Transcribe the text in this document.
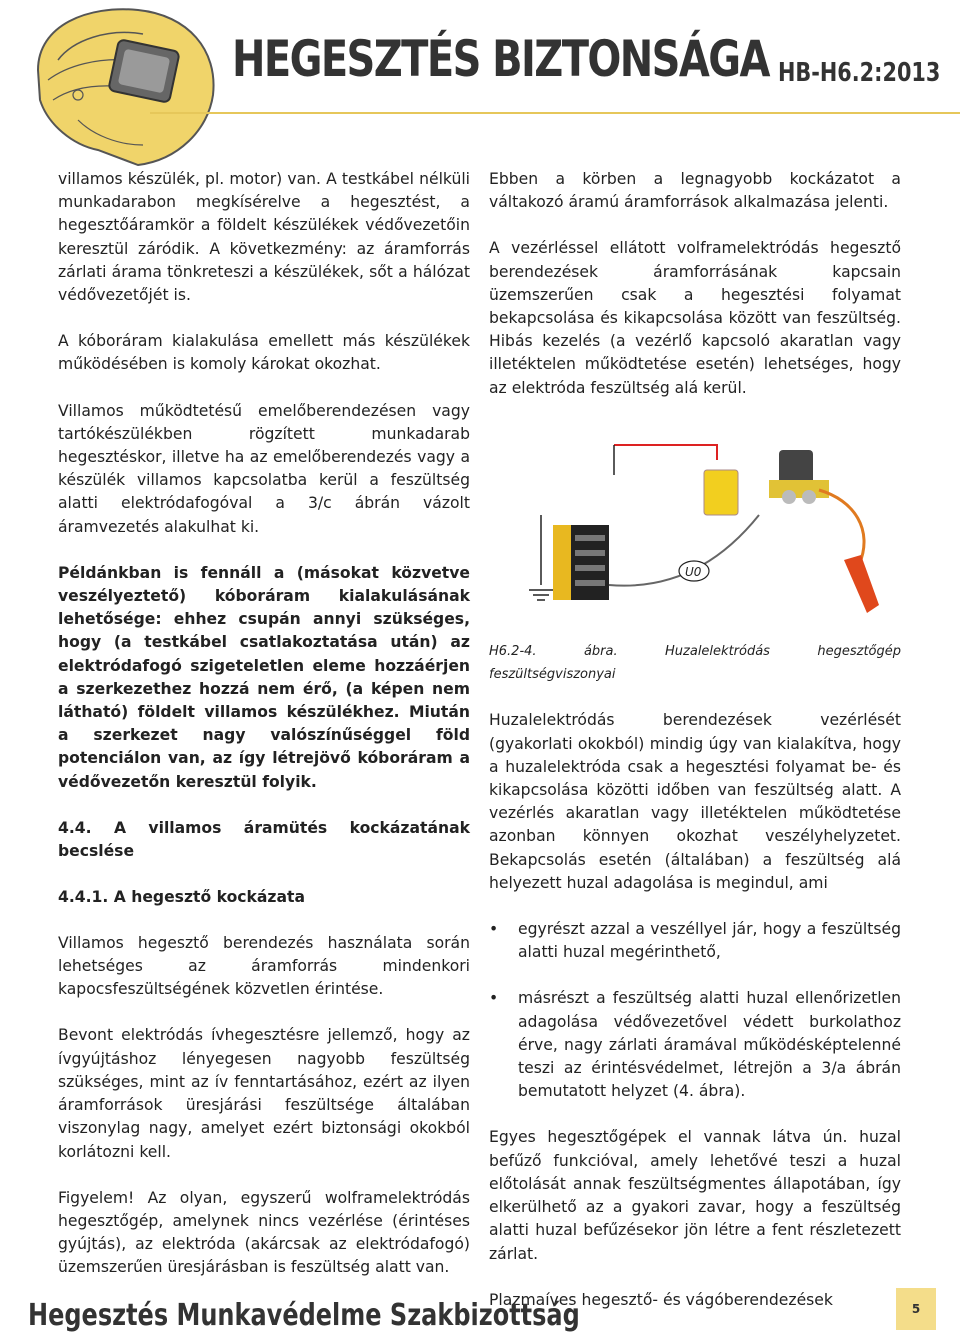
HEGESZTÉS BIZTONSÁGA HB-H6.2:2013

villamos készülék, pl. motor) van. A testkábel nélküli munkadarabon megkísérelve a hegesztést, a hegesztőáramkör a földelt készülékek védővezetőin keresztül záródik. A következmény: az áramforrás zárlati árama tönkreteszi a készülékek, sőt a hálózat védővezetőjét is.

A kóboráram kialakulása emellett más készülékek működésében is komoly károkat okozhat.

Villamos működtetésű emelőberendezésen vagy tartókészülékben rögzített munkadarab hegesztéskor, illetve ha az emelőberendezés vagy a készülék villamos kapcsolatba kerül a feszültség alatti elektródafogóval a 3/c ábrán vázolt áramvezetés alakulhat ki.

Példánkban is fennáll a (másokat közvetve veszélyeztető) kóboráram kialakulásának lehetősége: ehhez csupán annyi szükséges, hogy (a testkábel csatlakoztatása után) az elektródafogó szigeteletlen eleme hozzáérjen a szerkezethez hozzá nem érő, (a képen nem látható) földelt villamos készülékhez. Miután a szerkezet nagy valószínűséggel föld potenciálon van, az így létrejövő kóboráram a védővezetőn keresztül folyik.

4.4. A villamos áramütés kockázatának becslése
4.4.1. A hegesztő kockázata

Villamos hegesztő berendezés használata során lehetséges az áramforrás mindenkori kapocsfeszültségének közvetlen érintése.

Bevont elektródás ívhegesztésre jellemző, hogy az ívgyújtáshoz lényegesen nagyobb feszültség szükséges, mint az ív fenntartásához, ezért az ilyen áramforrások üresjárási feszültsége általában viszonylag nagy, amelyet ezért biztonsági okokból korlátozni kell.

Figyelem! Az olyan, egyszerű wolframelektródás hegesztőgép, amelynek nincs vezérlése (érintéses gyújtás), az elektróda (akárcsak az elektródafogó) üzemszerűen üresjárásban is feszültség alatt van.

Ebben a körben a legnagyobb kockázatot a váltakozó áramú áramforrások alkalmazása jelenti.

A vezérléssel ellátott volframelektródás hegesztő berendezések áramforrásának kapcsain üzemszerűen csak a hegesztési folyamat bekapcsolása és kikapcsolása között van feszültség. Hibás kezelés (a vezérlő kapcsoló akaratlan vagy illetéktelen működtetése esetén) lehetséges, hogy az elektróda feszültség alá kerül.

U0

H6.2-4. ábra. Huzalelektródás hegesztőgép feszültségviszonyai

Huzalelektródás berendezések vezérlését (gyakorlati okokból) mindig úgy van kialakítva, hogy a huzalelektróda csak a hegesztési folyamat be- és kikapcsolása közötti időben van feszültség alatt. A vezérlés akaratlan vagy illetéktelen működtetése azonban könnyen okozhat veszélyhelyzetet. Bekapcsolás esetén (általában) a feszültség alá helyezett huzal adagolása is megindul, ami

• egyrészt azzal a veszéllyel jár, hogy a feszültség alatti huzal megérinthető,
• másrészt a feszültség alatti huzal ellenőrizetlen adagolása védővezetővel védett burkolathoz érve, nagy zárlati áramával működésképtelenné teszi az érintésvédelmet, létrejön a 3/a ábrán bemutatott helyzet (4. ábra).

Egyes hegesztőgépek el vannak látva ún. huzal befűző funkcióval, amely lehetővé teszi a huzal előtolását annak feszültségmentes állapotában, így elkerülhető az a gyakori zavar, hogy a feszültség alatti huzal befűzésekor jön létre a fent részletezett zárlat.

Plazmaíves hegesztő- és vágóberendezések

Hegesztés Munkavédelme Szakbizottság	5
